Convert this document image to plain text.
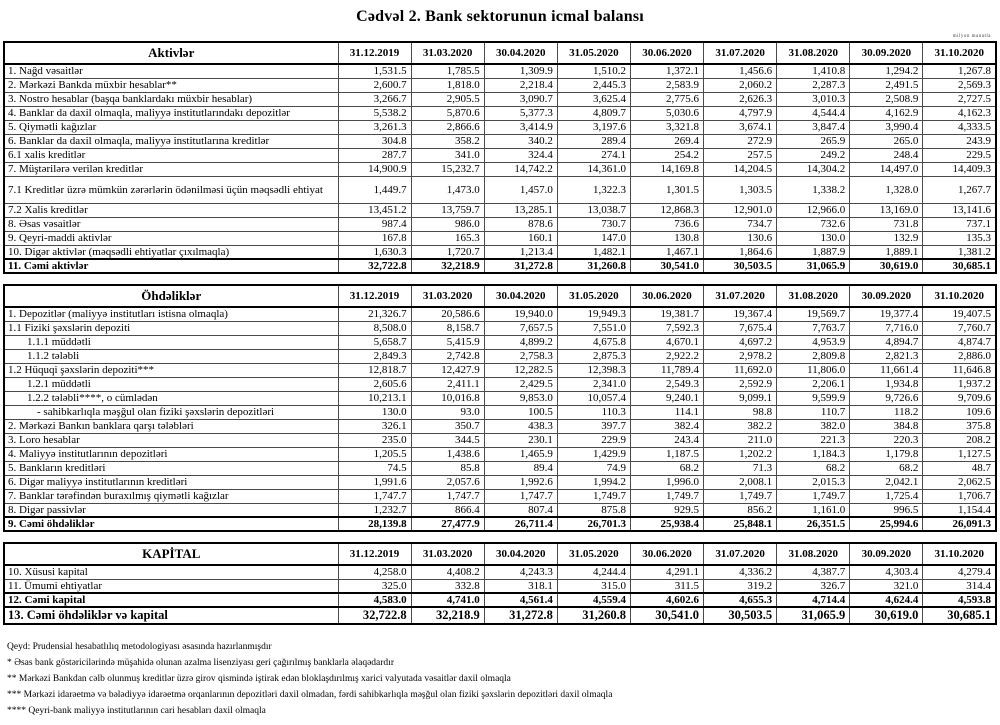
Cədvəl 2. Bank sektorunun icmal balansı
milyon manatla
Aktivlər	31.12.2019	31.03.2020	30.04.2020	31.05.2020	30.06.2020	31.07.2020	31.08.2020	30.09.2020	31.10.2020
1. Nağd vəsaitlər	1,531.5	1,785.5	1,309.9	1,510.2	1,372.1	1,456.6	1,410.8	1,294.2	1,267.8
2. Mərkəzi Bankda müxbir hesablar**	2,600.7	1,818.0	2,218.4	2,445.3	2,583.9	2,060.2	2,287.3	2,491.5	2,569.3
3. Nostro hesablar (başqa banklardakı müxbir hesablar)	3,266.7	2,905.5	3,090.7	3,625.4	2,775.6	2,626.3	3,010.3	2,508.9	2,727.5
4. Banklar da daxil olmaqla, maliyyə institutlarındakı depozitlər	5,538.2	5,870.6	5,377.3	4,809.7	5,030.6	4,797.9	4,544.4	4,162.9	4,162.3
5. Qiymətli kağızlar	3,261.3	2,866.6	3,414.9	3,197.6	3,321.8	3,674.1	3,847.4	3,990.4	4,333.5
6. Banklar da daxil olmaqla, maliyyə institutlarına kreditlər	304.8	358.2	340.2	289.4	269.4	272.9	265.9	265.0	243.9
6.1 xalis kreditlər	287.7	341.0	324.4	274.1	254.2	257.5	249.2	248.4	229.5
7. Müştərilərə verilən kreditlər	14,900.9	15,232.7	14,742.2	14,361.0	14,169.8	14,204.5	14,304.2	14,497.0	14,409.3
7.1 Kreditlər üzrə mümkün zərərlərin ödənilməsi üçün məqsədli ehtiyat	1,449.7	1,473.0	1,457.0	1,322.3	1,301.5	1,303.5	1,338.2	1,328.0	1,267.7
7.2 Xalis kreditlər	13,451.2	13,759.7	13,285.1	13,038.7	12,868.3	12,901.0	12,966.0	13,169.0	13,141.6
8. Əsas vəsaitlər	987.4	986.0	878.6	730.7	736.6	734.7	732.6	731.8	737.1
9. Qeyri-maddi aktivlər	167.8	165.3	160.1	147.0	130.8	130.6	130.0	132.9	135.3
10. Digər aktivlər (məqsədli ehtiyatlar çıxılmaqla)	1,630.3	1,720.7	1,213.4	1,482.1	1,467.1	1,864.6	1,887.9	1,889.1	1,381.2
11. Cəmi aktivlər	32,722.8	32,218.9	31,272.8	31,260.8	30,541.0	30,503.5	31,065.9	30,619.0	30,685.1
Öhdəliklər	31.12.2019	31.03.2020	30.04.2020	31.05.2020	30.06.2020	31.07.2020	31.08.2020	30.09.2020	31.10.2020
1. Depozitlər (maliyyə institutları istisna olmaqla)	21,326.7	20,586.6	19,940.0	19,949.3	19,381.7	19,367.4	19,569.7	19,377.4	19,407.5
1.1 Fiziki şəxslərin depoziti	8,508.0	8,158.7	7,657.5	7,551.0	7,592.3	7,675.4	7,763.7	7,716.0	7,760.7
1.1.1 müddətli	5,658.7	5,415.9	4,899.2	4,675.8	4,670.1	4,697.2	4,953.9	4,894.7	4,874.7
1.1.2 tələbli	2,849.3	2,742.8	2,758.3	2,875.3	2,922.2	2,978.2	2,809.8	2,821.3	2,886.0
1.2 Hüquqi şəxslərin depoziti***	12,818.7	12,427.9	12,282.5	12,398.3	11,789.4	11,692.0	11,806.0	11,661.4	11,646.8
1.2.1 müddətli	2,605.6	2,411.1	2,429.5	2,341.0	2,549.3	2,592.9	2,206.1	1,934.8	1,937.2
1.2.2 tələbli****, o cümlədən	10,213.1	10,016.8	9,853.0	10,057.4	9,240.1	9,099.1	9,599.9	9,726.6	9,709.6
- sahibkarlıqla məşğul olan fiziki şəxslərin depozitləri	130.0	93.0	100.5	110.3	114.1	98.8	110.7	118.2	109.6
2. Mərkəzi Bankın banklara qarşı tələbləri	326.1	350.7	438.3	397.7	382.4	382.2	382.0	384.8	375.8
3. Loro hesablar	235.0	344.5	230.1	229.9	243.4	211.0	221.3	220.3	208.2
4. Maliyyə institutlarının depozitləri	1,205.5	1,438.6	1,465.9	1,429.9	1,187.5	1,202.2	1,184.3	1,179.8	1,127.5
5. Bankların kreditləri	74.5	85.8	89.4	74.9	68.2	71.3	68.2	68.2	48.7
6. Digər maliyyə institutlarının kreditləri	1,991.6	2,057.6	1,992.6	1,994.2	1,996.0	2,008.1	2,015.3	2,042.1	2,062.5
7. Banklar tərəfindən buraxılmış qiymətli kağızlar	1,747.7	1,747.7	1,747.7	1,749.7	1,749.7	1,749.7	1,749.7	1,725.4	1,706.7
8. Digər passivlər	1,232.7	866.4	807.4	875.8	929.5	856.2	1,161.0	996.5	1,154.4
9. Cəmi öhdəliklər	28,139.8	27,477.9	26,711.4	26,701.3	25,938.4	25,848.1	26,351.5	25,994.6	26,091.3
KAPİTAL	31.12.2019	31.03.2020	30.04.2020	31.05.2020	30.06.2020	31.07.2020	31.08.2020	30.09.2020	31.10.2020
10. Xüsusi kapital	4,258.0	4,408.2	4,243.3	4,244.4	4,291.1	4,336.2	4,387.7	4,303.4	4,279.4
11. Ümumi ehtiyatlar	325.0	332.8	318.1	315.0	311.5	319.2	326.7	321.0	314.4
12. Cəmi kapital	4,583.0	4,741.0	4,561.4	4,559.4	4,602.6	4,655.3	4,714.4	4,624.4	4,593.8
13. Cəmi öhdəliklər və kapital	32,722.8	32,218.9	31,272.8	31,260.8	30,541.0	30,503.5	31,065.9	30,619.0	30,685.1
Qeyd: Prudensial hesabatlılıq metodologiyası əsasında hazırlanmışdır
* Əsas bank göstəricilərində müşahidə olunan azalma lisenziyası geri çağırılmış banklarla əlaqədardır
** Mərkəzi Bankdan cəlb olunmuş kreditlər üzrə girov qismində iştirak edən bloklaşdırılmış xarici valyutada vəsaitlər daxil olmaqla
*** Mərkəzi idarəetmə və bələdiyyə idarəetmə orqanlarının depozitləri daxil olmadan, fərdi sahibkarlıqla məşğul olan fiziki şəxslərin depozitləri daxil olmaqla
**** Qeyri-bank maliyyə institutlarının cari hesabları daxil olmaqla
